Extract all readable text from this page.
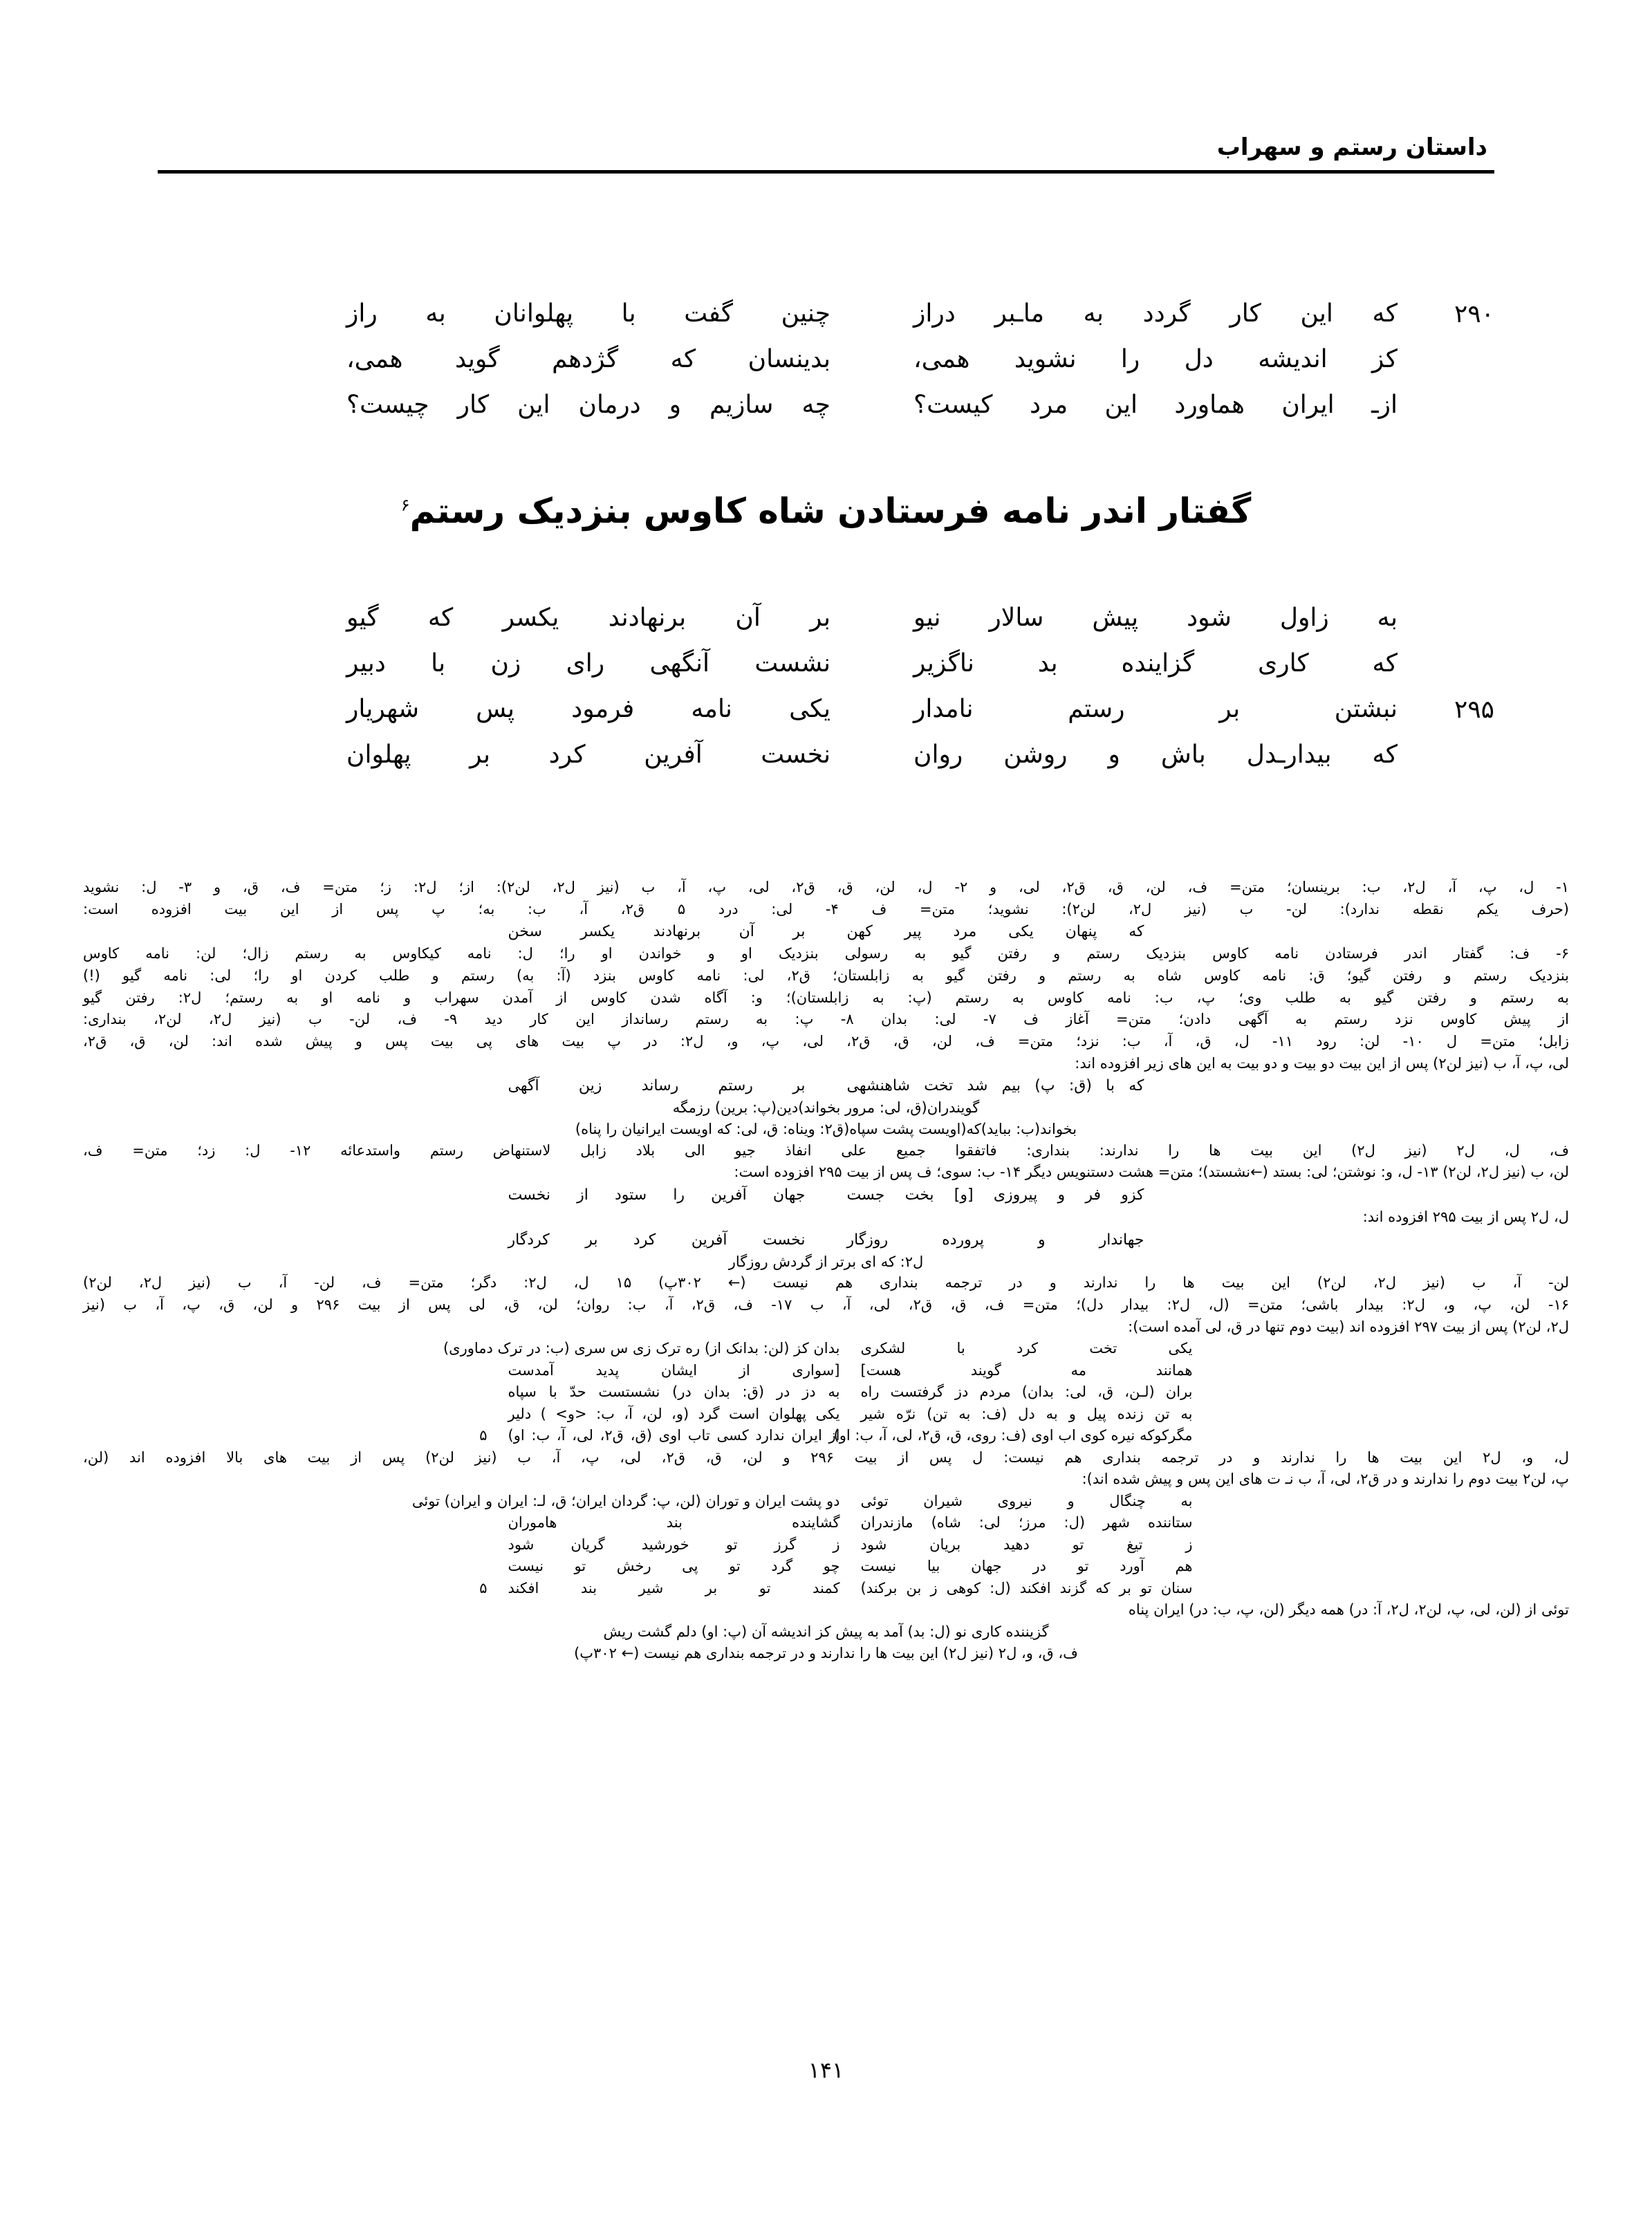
داستان رستم و سهراب
۲۹۰
که این کار گردد به ماـبر دراز
چنین گفت با پهلوانان به راز
کز اندیشه دل را نشوید همی،
بدینسان که گژدهم گوید همی،
ازـ ایران هماورد این مرد کیست؟
چه سازیم و درمان این کار چیست؟
گفتار اندر نامه فرستادن شاه کاوس بنزدیک رستم$^۶$
به زاول شود پیش سالار نیو
بر آن برنهادند یکسر که گیو
که کاری گزاینده بد ناگزیر
نشست آنگهی رای زن با دبیر
۲۹۵
نبشتن بر رستم نامدار
یکی نامه فرمود پس شهریار
که بیدارـدل باش و روشن روان
نخست آفرین کرد بر پهلوان

۱- ل، پ، آ، ل۲، ب: برینسان؛ متن= ف، لن، ق، ق۲، لی، و ۲- ل، لن، ق، ق۲، لی، پ، آ، ب (نیز ل۲، لن۲): از؛ ل۲: ز؛ متن= ف، ق، و ۳- ل: نشوید

(حرف یکم نقطه ندارد): لن- ب (نیز ل۲، لن۲): نشوید؛ متن= ف ۴- لی: درد ۵ ق۲، آ، ب: به؛ پ پس از این بیت افزوده است:

که پنهان یکی مرد پیر کهن
بر آن برنهادند یکسر سخن

۶- ف: گفتار اندر فرستادن نامه کاوس بنزدیک رستم و رفتن گیو به رسولی بنزدیک او و خواندن او را؛ ل: نامه کیکاوس به رستم زال؛ لن: نامه کاوس

بنزدیک رستم و رفتن گیو؛ ق: نامه کاوس شاه به رستم و رفتن گیو به زابلستان؛ ق۲، لی: نامه کاوس بنزد (آ: به) رستم و طلب کردن او را؛ لی: نامه گیو (!)

به رستم و رفتن گیو به طلب وی؛ پ، ب: نامه کاوس به رستم (پ: به زابلستان)؛ و: آگاه شدن کاوس از آمدن سهراب و نامه او به رستم؛ ل۲: رفتن گیو

از پیش کاوس نزد رستم به آگهی دادن؛ متن= آغاز ف ۷- لی: بدان ۸- پ: به رستم رسانداز این کار دید ۹- ف، لن- ب (نیز ل۲، لن۲، بنداری:

زابل؛ متن= ل ۱۰- لن: رود ۱۱- ل، ق، آ، ب: نزد؛ متن= ف، لن، ق، ق۲، لی، پ، و، ل۲: در پ بیت های پی بیت پس و پیش شده اند: لن، ق، ق۲،

لی، پ، آ، ب (نیز لن۲) پس از این بیت دو بیت و دو بیت به این های زیر افزوده اند:

که با (ق: پ) بیم شد تخت شاهنشهی
بر رستم رساند زین آگهی

گویندران(ق، لی: مرور بخواند)دین(پ: برین) رزمگه

بخواند(ب: بباید)که(اویست پشت سپاه(ق۲: ویناه: ق، لی: که اویست ایرانیان را پناه)

ف، ل، ل۲ (نیز ل۲) این بیت ها را ندارند: بنداری: فاتفقوا جمیع علی انفاذ جیو الی بلاد زابل لاستنهاض رستم واستدعائه ۱۲- ل: زد؛ متن= ف،

لن، ب (نیز ل۲، لن۲) ۱۳- ل، و: نوشتن؛ لی: بستد (←نشستد)؛ متن= هشت دستنویس دیگر ۱۴- ب: سوی؛ ف پس از بیت ۲۹۵ افزوده است:

کزو فر و پیروزی [و] بخت جست
جهان آفرین را ستود از نخست

ل، ل۲ پس از بیت ۲۹۵ افزوده اند:

جهاندار و پرورده روزگار
نخست آفرین کرد بر کردگار

ل۲: که ای برتر از گردش روزگار

لن- آ، ب (نیز ل۲، لن۲) این بیت ها را ندارند و در ترجمه بنداری هم نیست (← ۳۰۲پ) ۱۵ ل، ل۲: دگر؛ متن= ف، لن- آ، ب (نیز ل۲، لن۲)

۱۶- لن، پ، و، ل۲: بیدار باشی؛ متن= (ل، ل۲: بیدار دل)؛ متن= ف، ق، ق۲، لی، آ، ب ۱۷- ف، ق۲، آ، ب: روان؛ لن، ق، لی پس از بیت ۲۹۶ و لن، ق، پ، آ، ب (نیز

ل۲، لن۲) پس از بیت ۲۹۷ افزوده اند (بیت دوم تنها در ق، لی آمده است):

یکی تخت کرد با لشکری
همانند مه گویند هست]
بران (لـن، ق، لی: بدان) مردم دز گرفتست راه
به تن زنده پیل و به دل (ف: به تن) نرّه شیر
مگرکوکه نیره کوی اب اوی (ف: روی، ق، ق۲، لی، آ، ب: او)
بدان کز (لن: بدانک از) ره ترک زی س سری (ب: در ترک دماوری)
[سواری از ایشان پدید آمدست
به دز در (ق: بدان در) نشستست حدّ با سپاه
یکی پهلوان است گرد (و، لن، آ، ب: <و> ) دلیر
از ایران ندارد کسی تاب اوی (ق، ق۲، لی، آ، ب: او)
۵

ل، و، ل۲ این بیت ها را ندارند و در ترجمه بنداری هم نیست: ل پس از بیت ۲۹۶ و لن، ق، ق۲، لی، پ، آ، ب (نیز لن۲) پس از بیت های بالا افزوده اند (لن،

پ، لن۲ بیت دوم را ندارند و در ق۲، لی، آ، ب نـ ت های این پس و پیش شده اند):

به چنگال و نیروی شیران توئی
ستاننده شهر (ل: مرز؛ لی: شاه) مازندران
ز تیغ تو دهید بریان شود
هم آورد تو در جهان بیا نیست
سنان تو بر که گزند افکند (ل: کوهی ز بن برکند)
دو پشت ایران و توران (لن، پ: گردان ایران؛ ق، لـ: ایران و ایران) توئی
گشاینده بند هاموران
ز گرز تو خورشید گریان شود
چو گرد تو پی رخش تو نیست
کمند تو بر شیر بند افکند
۵

توئی از (لن، لی، پ، لن۲، ل۲، آ: در) همه دیگر (لن، پ، ب: در) ایران پناه

گزیننده کاری نو (ل: بد) آمد به پیش کز اندیشه آن (پ: او) دلم گشت ریش

ف، ق، و، ل۲ (نیز ل۲) این بیت ها را ندارند و در ترجمه بنداری هم نیست (← ۳۰۲پ)

۱۴۱
